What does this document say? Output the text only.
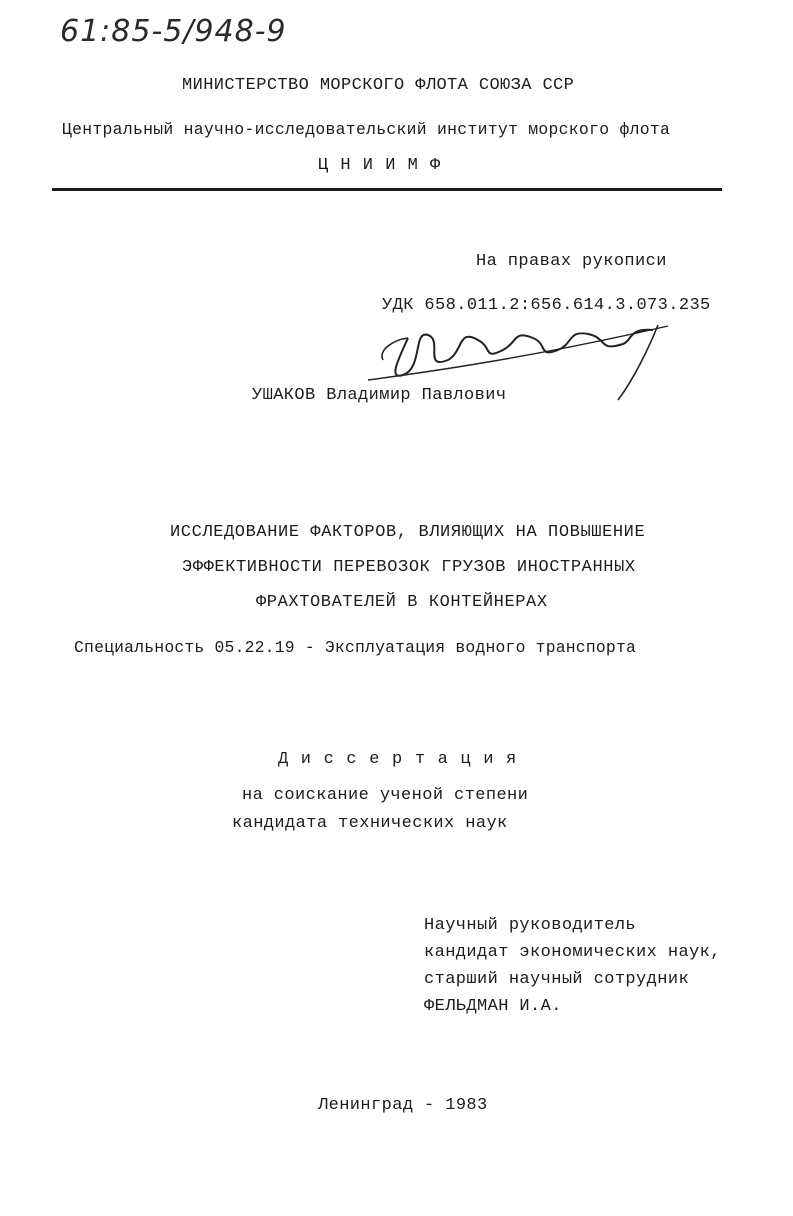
61:85-5/948-9
МИНИСТЕРСТВО МОРСКОГО ФЛОТА СОЮЗА ССР
Центральный научно-исследовательский институт морского флота
Ц Н И И М Ф
На правах рукописи
УДК 658.011.2:656.614.3.073.235
УШАКОВ Владимир Павлович
ИССЛЕДОВАНИЕ ФАКТОРОВ, ВЛИЯЮЩИХ НА ПОВЫШЕНИЕ
ЭФФЕКТИВНОСТИ ПЕРЕВОЗОК ГРУЗОВ ИНОСТРАННЫХ
ФРАХТОВАТЕЛЕЙ В КОНТЕЙНЕРАХ
Специальность 05.22.19 - Эксплуатация водного транспорта
Д и с с е р т а ц и я
на соискание ученой степени
кандидата технических наук
Научный руководитель
кандидат экономических наук,
старший научный сотрудник
ФЕЛЬДМАН И.А.
Ленинград - 1983
